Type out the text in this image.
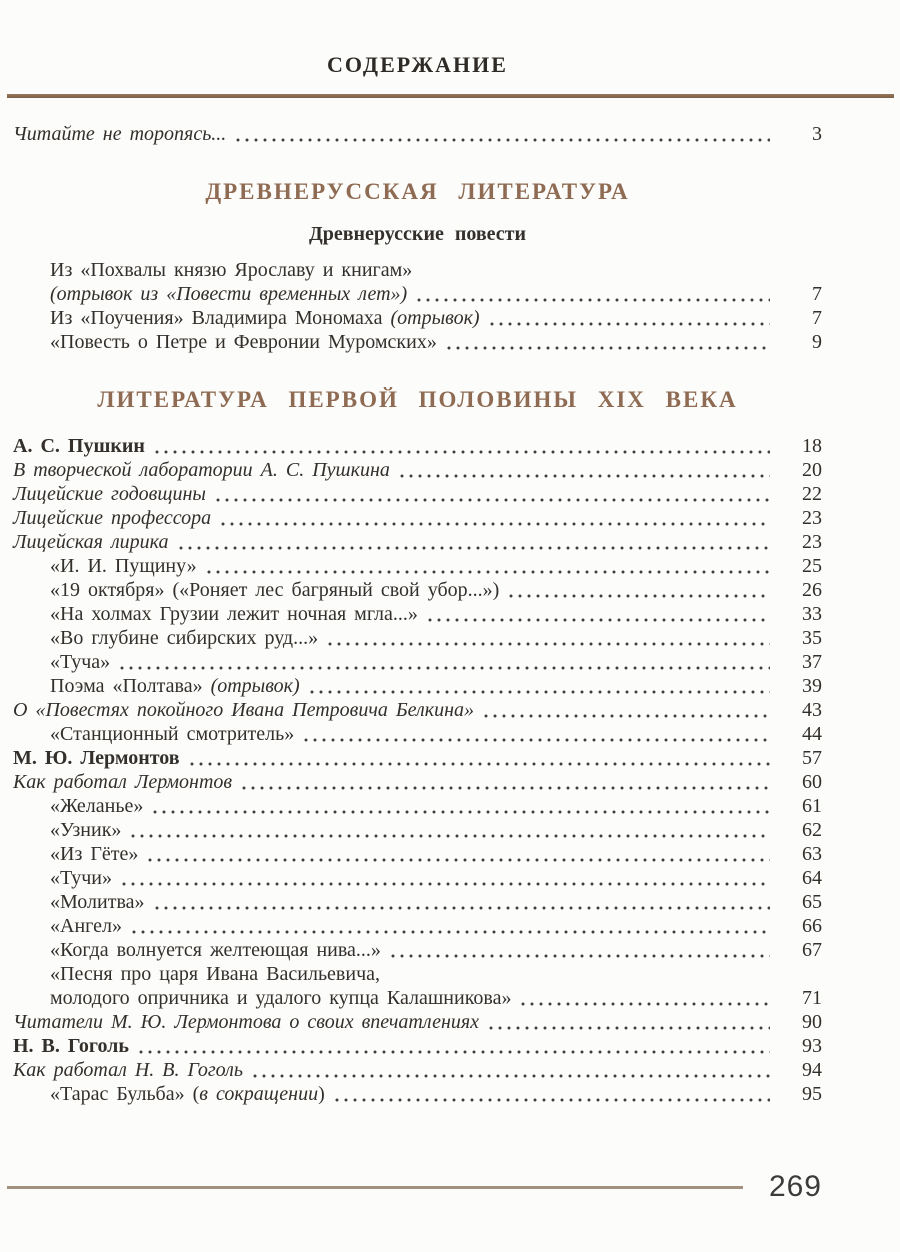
СОДЕРЖАНИЕ
Читайте не торопясь...	3
ДРЕВНЕРУССКАЯ ЛИТЕРАТУРА
Древнерусские повести
Из «Похвалы князю Ярославу и книгам»
(отрывок из «Повести временных лет»)	7
Из «Поучения» Владимира Мономаха (отрывок)	7
«Повесть о Петре и Февронии Муромских»	9
ЛИТЕРАТУРА ПЕРВОЙ ПОЛОВИНЫ XIX ВЕКА
А. С. Пушкин	18
В творческой лаборатории А. С. Пушкина	20
Лицейские годовщины	22
Лицейские профессора	23
Лицейская лирика	23
«И. И. Пущину»	25
«19 октября» («Роняет лес багряный свой убор...»)	26
«На холмах Грузии лежит ночная мгла...»	33
«Во глубине сибирских руд...»	35
«Туча»	37
Поэма «Полтава» (отрывок)	39
О «Повестях покойного Ивана Петровича Белкина»	43
«Станционный смотритель»	44
М. Ю. Лермонтов	57
Как работал Лермонтов	60
«Желанье»	61
«Узник»	62
«Из Гёте»	63
«Тучи»	64
«Молитва»	65
«Ангел»	66
«Когда волнуется желтеющая нива...»	67
«Песня про царя Ивана Васильевича,
молодого опричника и удалого купца Калашникова»	71
Читатели М. Ю. Лермонтова о своих впечатлениях	90
Н. В. Гоголь	93
Как работал Н. В. Гоголь	94
«Тарас Бульба» (в сокращении)	95
269
